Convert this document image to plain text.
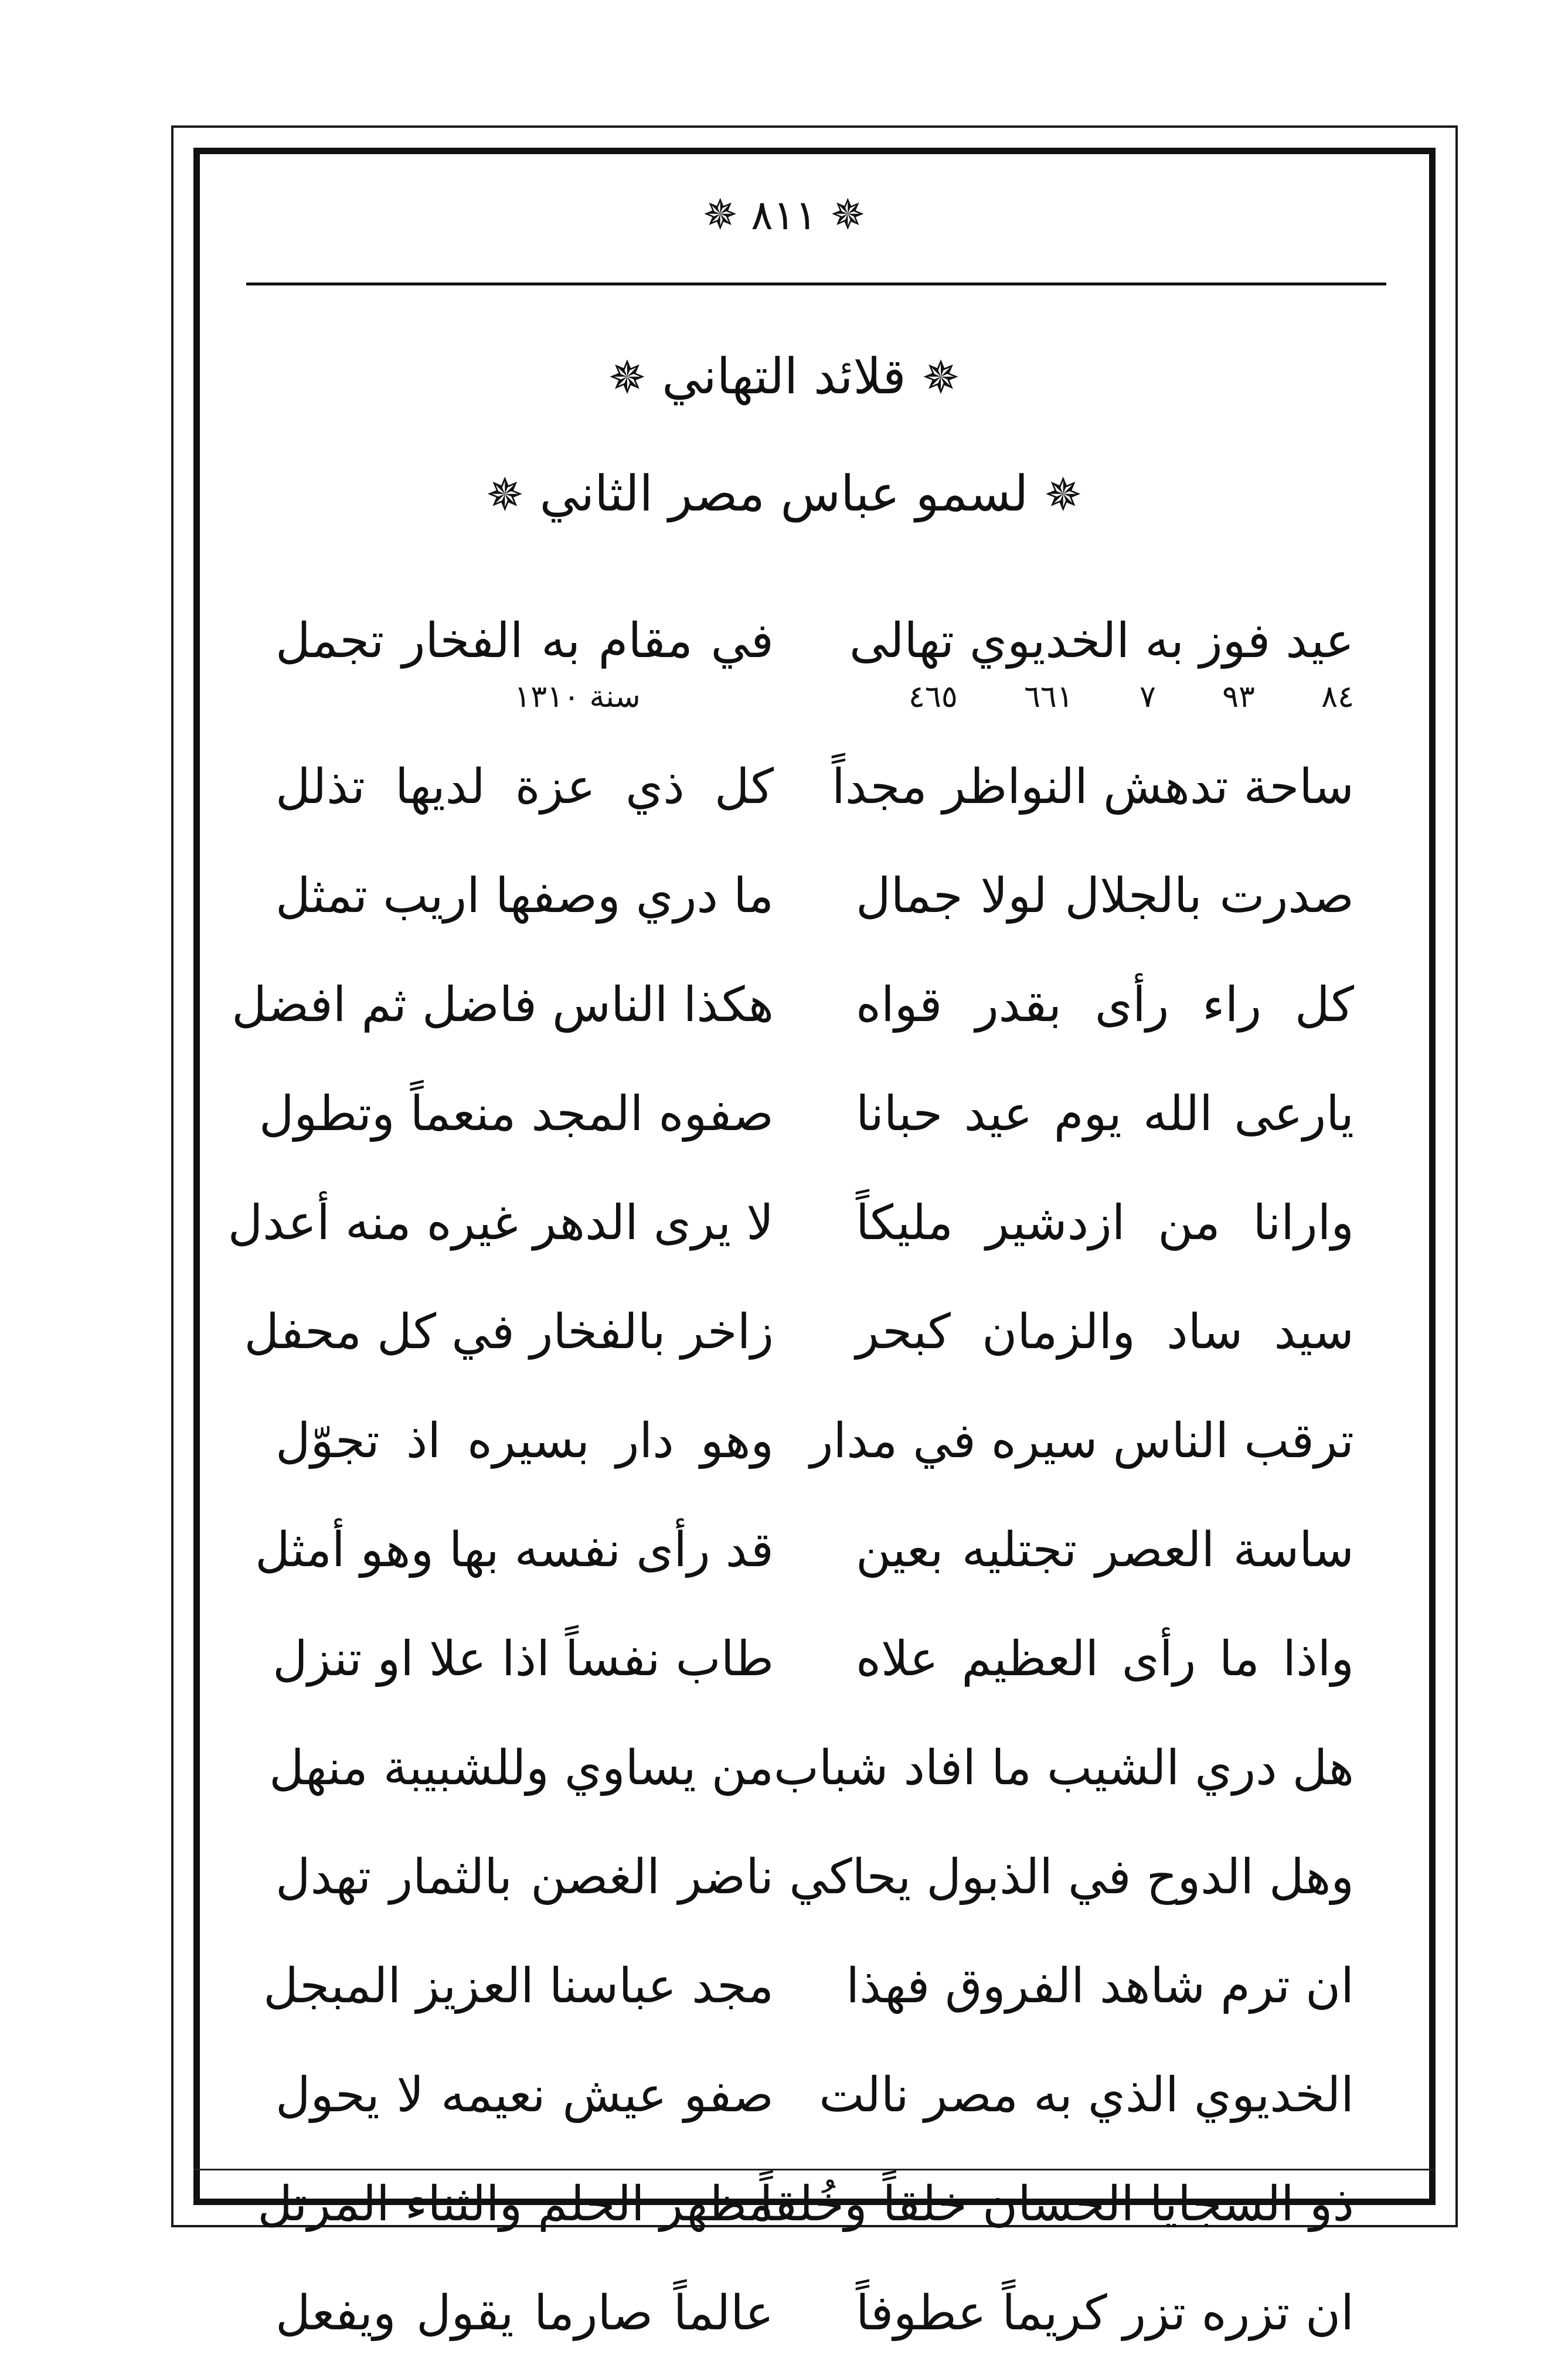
✵ ٨١١ ✵
✵ قلائد التهاني ✵
✵ لسمو عباس مصر الثاني ✵
عيد فوز به الخديوي تهالى
في مقام به الفخار تجمل
٨٤
٩٣
٧
٦٦١
٤٦٥
سنة ١٣١٠
ساحة تدهش النواظر مجداً
كل ذي عزة لديها تذلل
صدرت بالجلال لولا جمال
ما دري وصفها اريب تمثل
كل راء رأى بقدر قواه
هكذا الناس فاضل ثم افضل
يارعى الله يوم عيد حبانا
صفوه المجد منعماً وتطول
وارانا من ازدشير مليكاً
لا يرى الدهر غيره منه أعدل
سيد ساد والزمان كبحر
زاخر بالفخار في كل محفل
ترقب الناس سيره في مدار
وهو دار بسيره اذ تجوّل
ساسة العصر تجتليه بعين
قد رأى نفسه بها وهو أمثل
واذا ما رأى العظيم علاه
طاب نفساً اذا علا او تنزل
هل دري الشيب ما افاد شباب
من يساوي وللشبيبة منهل
وهل الدوح في الذبول يحاكي
ناضر الغصن بالثمار تهدل
ان ترم شاهد الفروق فهذا
مجد عباسنا العزيز المبجل
الخديوي الذي به مصر نالت
صفو عيش نعيمه لا يحول
ذو السجايا الحسان خلقاً وخُلقاً
مظهر الحلم والثناء المرتل
ان تزره تزر كريماً عطوفاً
عالماً صارما يقول ويفعل
